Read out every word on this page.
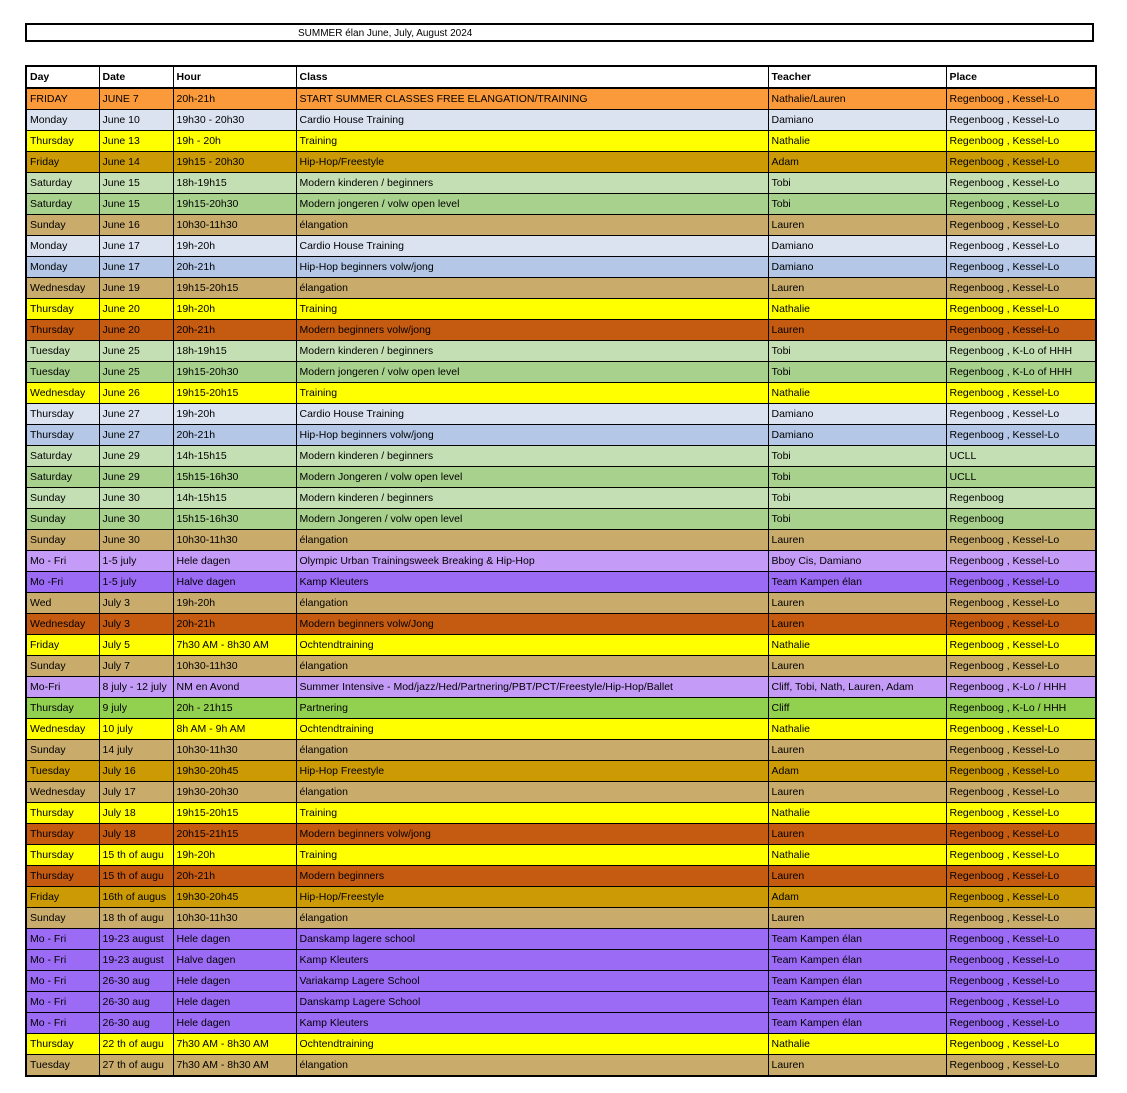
SUMMER élan June, July, August 2024
Day	Date	Hour	Class	Teacher	Place
FRIDAY	JUNE 7	20h-21h	START SUMMER CLASSES FREE ELANGATION/TRAINING	Nathalie/Lauren	Regenboog , Kessel-Lo
Monday	June 10	19h30 - 20h30	Cardio House Training	Damiano	Regenboog , Kessel-Lo
Thursday	June 13	19h - 20h	Training	Nathalie	Regenboog , Kessel-Lo
Friday	June 14	19h15 - 20h30	Hip-Hop/Freestyle	Adam	Regenboog , Kessel-Lo
Saturday	June 15	18h-19h15	Modern kinderen / beginners	Tobi	Regenboog , Kessel-Lo
Saturday	June 15	19h15-20h30	Modern jongeren / volw open level	Tobi	Regenboog , Kessel-Lo
Sunday	June 16	10h30-11h30	élangation	Lauren	Regenboog , Kessel-Lo
Monday	June 17	19h-20h	Cardio House Training	Damiano	Regenboog , Kessel-Lo
Monday	June 17	20h-21h	Hip-Hop beginners volw/jong	Damiano	Regenboog , Kessel-Lo
Wednesday	June 19	19h15-20h15	élangation	Lauren	Regenboog , Kessel-Lo
Thursday	June 20	19h-20h	Training	Nathalie	Regenboog , Kessel-Lo
Thursday	June 20	20h-21h	Modern beginners volw/jong	Lauren	Regenboog , Kessel-Lo
Tuesday	June 25	18h-19h15	Modern kinderen / beginners	Tobi	Regenboog , K-Lo of HHH
Tuesday	June 25	19h15-20h30	Modern jongeren / volw open level	Tobi	Regenboog , K-Lo of HHH
Wednesday	June 26	19h15-20h15	Training	Nathalie	Regenboog , Kessel-Lo
Thursday	June 27	19h-20h	Cardio House Training	Damiano	Regenboog , Kessel-Lo
Thursday	June 27	20h-21h	Hip-Hop beginners volw/jong	Damiano	Regenboog , Kessel-Lo
Saturday	June 29	14h-15h15	Modern kinderen / beginners	Tobi	UCLL
Saturday	June 29	15h15-16h30	Modern Jongeren / volw open level	Tobi	UCLL
Sunday	June 30	14h-15h15	Modern kinderen / beginners	Tobi	Regenboog
Sunday	June 30	15h15-16h30	Modern Jongeren / volw open level	Tobi	Regenboog
Sunday	June 30	10h30-11h30	élangation	Lauren	Regenboog , Kessel-Lo
Mo - Fri	1-5 july	Hele dagen	Olympic Urban Trainingsweek Breaking & Hip-Hop	Bboy Cis, Damiano	Regenboog , Kessel-Lo
Mo -Fri	1-5 july	Halve dagen	Kamp Kleuters	Team Kampen élan	Regenboog , Kessel-Lo
Wed	July 3	19h-20h	élangation	Lauren	Regenboog , Kessel-Lo
Wednesday	July 3	20h-21h	Modern beginners volw/Jong	Lauren	Regenboog , Kessel-Lo
Friday	July 5	7h30 AM - 8h30 AM	Ochtendtraining	Nathalie	Regenboog , Kessel-Lo
Sunday	July 7	10h30-11h30	élangation	Lauren	Regenboog , Kessel-Lo
Mo-Fri	8 july - 12 july	NM en Avond	Summer Intensive - Mod/jazz/Hed/Partnering/PBT/PCT/Freestyle/Hip-Hop/Ballet	Cliff, Tobi, Nath, Lauren, Adam	Regenboog , K-Lo / HHH
Thursday	9 july	20h - 21h15	Partnering	Cliff	Regenboog , K-Lo / HHH
Wednesday	10 july	8h AM - 9h AM	Ochtendtraining	Nathalie	Regenboog , Kessel-Lo
Sunday	14 july	10h30-11h30	élangation	Lauren	Regenboog , Kessel-Lo
Tuesday	July 16	19h30-20h45	Hip-Hop Freestyle	Adam	Regenboog , Kessel-Lo
Wednesday	July 17	19h30-20h30	élangation	Lauren	Regenboog , Kessel-Lo
Thursday	July 18	19h15-20h15	Training	Nathalie	Regenboog , Kessel-Lo
Thursday	July 18	20h15-21h15	Modern beginners volw/jong	Lauren	Regenboog , Kessel-Lo
Thursday	15 th of augu	19h-20h	Training	Nathalie	Regenboog , Kessel-Lo
Thursday	15 th of augu	20h-21h	Modern beginners	Lauren	Regenboog , Kessel-Lo
Friday	16th of augus	19h30-20h45	Hip-Hop/Freestyle	Adam	Regenboog , Kessel-Lo
Sunday	18 th of augu	10h30-11h30	élangation	Lauren	Regenboog , Kessel-Lo
Mo - Fri	19-23 august	Hele dagen	Danskamp lagere school	Team Kampen élan	Regenboog , Kessel-Lo
Mo - Fri	19-23 august	Halve dagen	Kamp Kleuters	Team Kampen élan	Regenboog , Kessel-Lo
Mo - Fri	26-30 aug	Hele dagen	Variakamp Lagere School	Team Kampen élan	Regenboog , Kessel-Lo
Mo - Fri	26-30 aug	Hele dagen	Danskamp Lagere School	Team Kampen élan	Regenboog , Kessel-Lo
Mo - Fri	26-30 aug	Hele dagen	Kamp Kleuters	Team Kampen élan	Regenboog , Kessel-Lo
Thursday	22 th of augu	7h30 AM - 8h30 AM	Ochtendtraining	Nathalie	Regenboog , Kessel-Lo
Tuesday	27 th of augu	7h30 AM - 8h30 AM	élangation	Lauren	Regenboog , Kessel-Lo
